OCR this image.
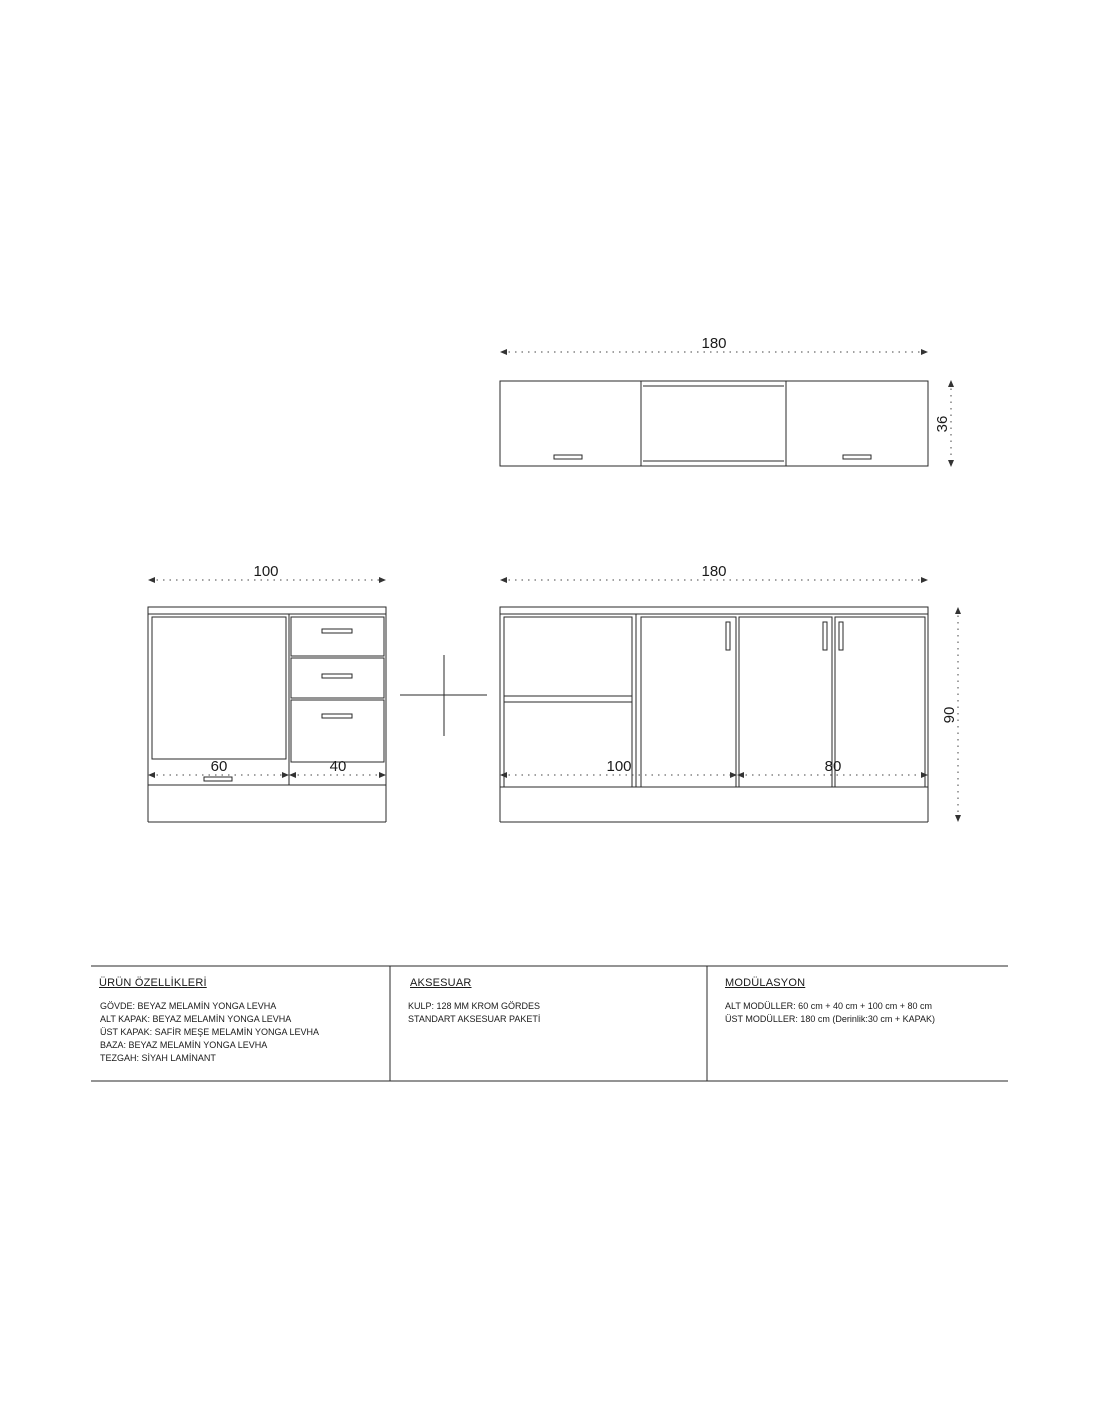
180
36
100
60	40
180
100	80
90
ÜRÜN ÖZELLİKLERİ
GÖVDE: BEYAZ MELAMİN YONGA LEVHA
ALT KAPAK: BEYAZ MELAMİN YONGA LEVHA
ÜST KAPAK: SAFİR MEŞE MELAMİN YONGA LEVHA
BAZA: BEYAZ MELAMİN YONGA LEVHA
TEZGAH: SİYAH LAMİNANT
AKSESUAR
KULP: 128 MM KROM GÖRDES
STANDART AKSESUAR PAKETİ
MODÜLASYON
ALT MODÜLLER: 60 cm + 40 cm + 100 cm + 80 cm
ÜST MODÜLLER: 180 cm (Derinlik:30 cm + KAPAK)
